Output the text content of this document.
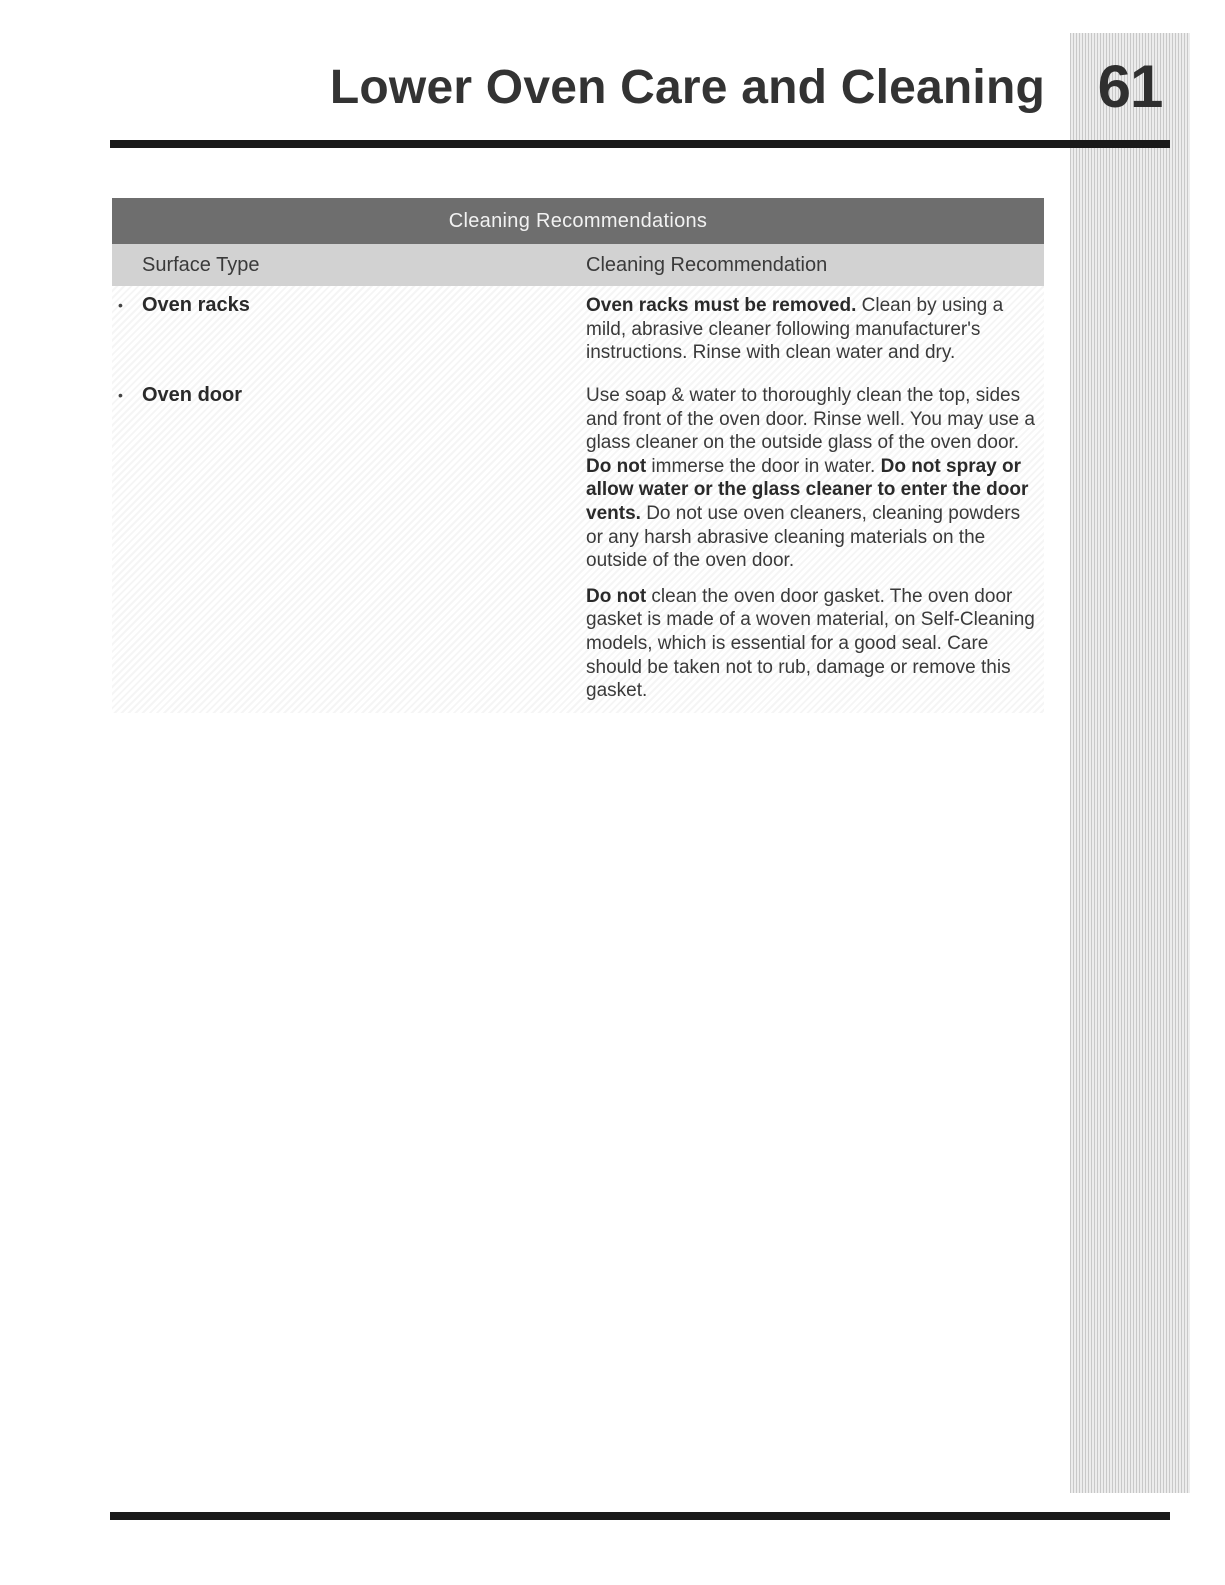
61
Lower Oven Care and Cleaning
Cleaning Recommendations
Surface Type	Cleaning Recommendation
• Oven racks	Oven racks must be removed. Clean by using a mild, abrasive cleaner following manufacturer's instructions. Rinse with clean water and dry.

• Oven door	Use soap & water to thoroughly clean the top, sides and front of the oven door. Rinse well. You may use a glass cleaner on the outside glass of the oven door. Do not immerse the door in water. Do not spray or allow water or the glass cleaner to enter the door vents. Do not use oven cleaners, cleaning powders or any harsh abrasive cleaning materials on the outside of the oven door.

Do not clean the oven door gasket. The oven door gasket is made of a woven material, on Self-Cleaning models, which is essential for a good seal. Care should be taken not to rub, damage or remove this gasket.
